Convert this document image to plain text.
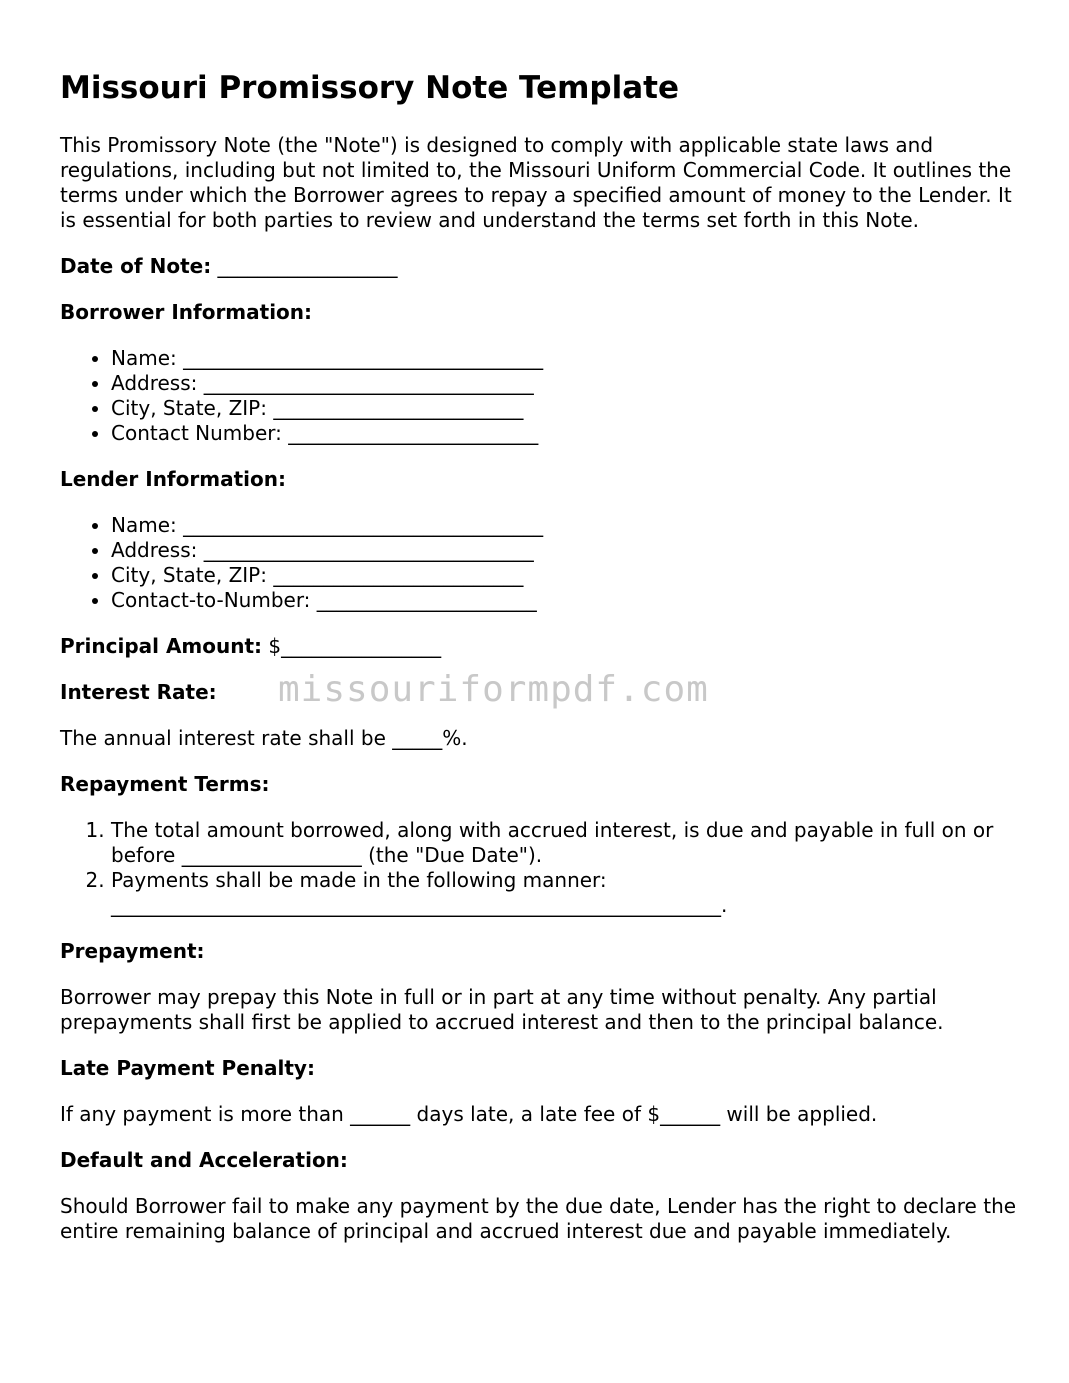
Missouri Promissory Note Template

This Promissory Note (the "Note") is designed to comply with applicable state laws and regulations, including but not limited to, the Missouri Uniform Commercial Code. It outlines the terms under which the Borrower agrees to repay a specified amount of money to the Lender. It is essential for both parties to review and understand the terms set forth in this Note.

Date of Note: __________________

Borrower Information:
• Name: ____________________________________
• Address: _________________________________
• City, State, ZIP: _________________________
• Contact Number: _________________________
Lender Information:
• Name: ____________________________________
• Address: _________________________________
• City, State, ZIP: _________________________
• Contact-to-Number: ______________________

Principal Amount: $________________

Interest Rate:

The annual interest rate shall be _____%.

Repayment Terms:
1. The total amount borrowed, along with accrued interest, is due and payable in full on or before __________________ (the "Due Date").
2. Payments shall be made in the following manner: _____________________________________________________________.
Prepayment:

Borrower may prepay this Note in full or in part at any time without penalty. Any partial prepayments shall first be applied to accrued interest and then to the principal balance.

Late Payment Penalty:

If any payment is more than ______ days late, a late fee of $______ will be applied.

Default and Acceleration:

Should Borrower fail to make any payment by the due date, Lender has the right to declare the entire remaining balance of principal and accrued interest due and payable immediately.

missouriformpdf.com
